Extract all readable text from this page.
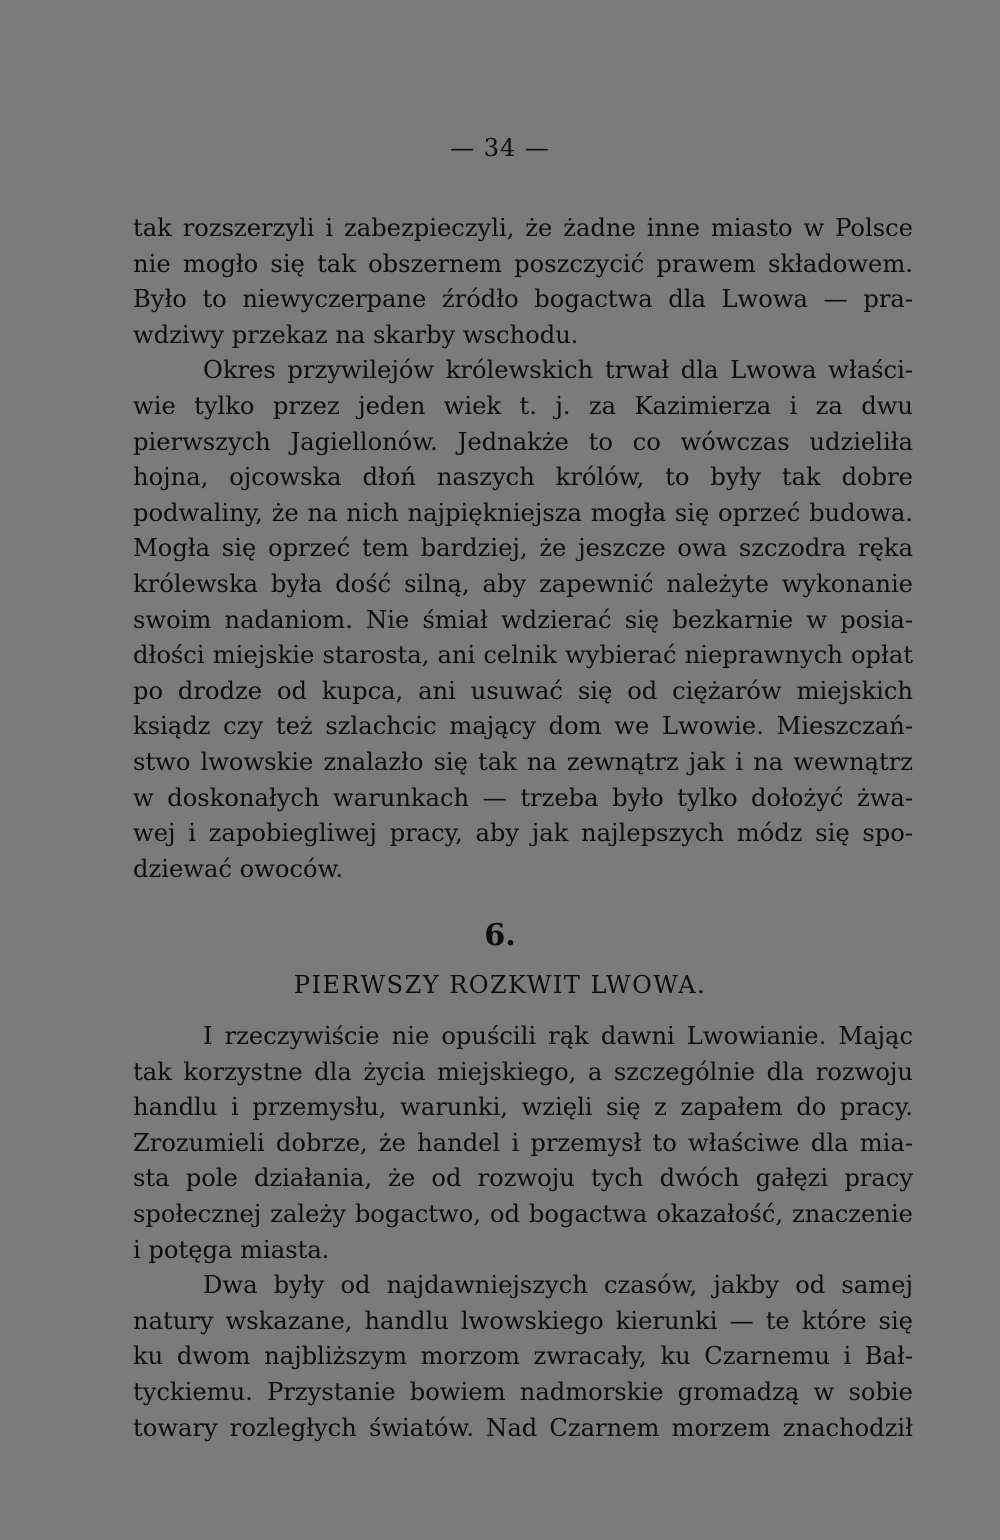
— 34 —
tak rozszerzyli i zabezpieczyli, że żadne inne miasto w Polsce
nie mogło się tak obszernem poszczycić prawem składowem.
Było to niewyczerpane źródło bogactwa dla Lwowa — pra-
wdziwy przekaz na skarby wschodu.
Okres przywilejów królewskich trwał dla Lwowa właści-
wie tylko przez jeden wiek t. j. za Kazimierza i za dwu
pierwszych Jagiellonów. Jednakże to co wówczas udzieliła
hojna, ojcowska dłoń naszych królów, to były tak dobre
podwaliny, że na nich najpiękniejsza mogła się oprzeć budowa.
Mogła się oprzeć tem bardziej, że jeszcze owa szczodra ręka
królewska była dość silną, aby zapewnić należyte wykonanie
swoim nadaniom. Nie śmiał wdzierać się bezkarnie w posia-
dłości miejskie starosta, ani celnik wybierać nieprawnych opłat
po drodze od kupca, ani usuwać się od ciężarów miejskich
ksiądz czy też szlachcic mający dom we Lwowie. Mieszczań-
stwo lwowskie znalazło się tak na zewnątrz jak i na wewnątrz
w doskonałych warunkach — trzeba było tylko dołożyć żwa-
wej i zapobiegliwej pracy, aby jak najlepszych módz się spo-
dziewać owoców.
6.
PIERWSZY ROZKWIT LWOWA.
I rzeczywiście nie opuścili rąk dawni Lwowianie. Mając
tak korzystne dla życia miejskiego, a szczególnie dla rozwoju
handlu i przemysłu, warunki, wzięli się z zapałem do pracy.
Zrozumieli dobrze, że handel i przemysł to właściwe dla mia-
sta pole działania, że od rozwoju tych dwóch gałęzi pracy
społecznej zależy bogactwo, od bogactwa okazałość, znaczenie
i potęga miasta.
Dwa były od najdawniejszych czasów, jakby od samej
natury wskazane, handlu lwowskiego kierunki — te które się
ku dwom najbliższym morzom zwracały, ku Czarnemu i Bał-
tyckiemu. Przystanie bowiem nadmorskie gromadzą w sobie
towary rozległych światów. Nad Czarnem morzem znachodził
